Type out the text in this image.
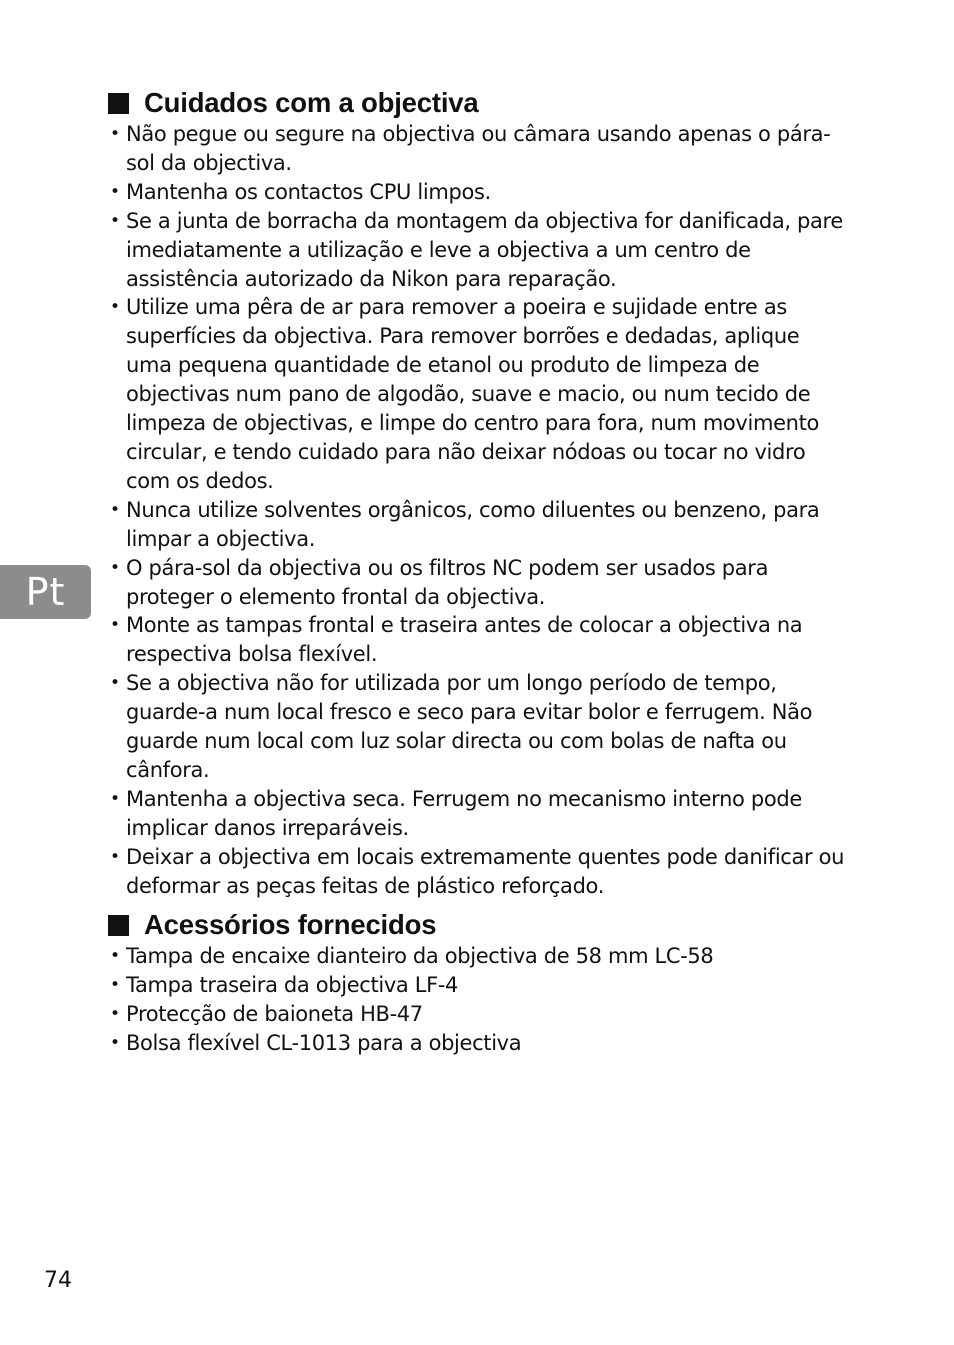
Cuidados com a objectiva
• Não pegue ou segure na objectiva ou câmara usando apenas o pára-sol da objectiva.
• Mantenha os contactos CPU limpos.
• Se a junta de borracha da montagem da objectiva for danificada, pare imediatamente a utilização e leve a objectiva a um centro de assistência autorizado da Nikon para reparação.
• Utilize uma pêra de ar para remover a poeira e sujidade entre as superfícies da objectiva. Para remover borrões e dedadas, aplique uma pequena quantidade de etanol ou produto de limpeza de objectivas num pano de algodão, suave e macio, ou num tecido de limpeza de objectivas, e limpe do centro para fora, num movimento circular, e tendo cuidado para não deixar nódoas ou tocar no vidro com os dedos.
• Nunca utilize solventes orgânicos, como diluentes ou benzeno, para limpar a objectiva.
• O pára-sol da objectiva ou os filtros NC podem ser usados para proteger o elemento frontal da objectiva.
• Monte as tampas frontal e traseira antes de colocar a objectiva na respectiva bolsa flexível.
• Se a objectiva não for utilizada por um longo período de tempo, guarde-a num local fresco e seco para evitar bolor e ferrugem. Não guarde num local com luz solar directa ou com bolas de nafta ou cânfora.
• Mantenha a objectiva seca. Ferrugem no mecanismo interno pode implicar danos irreparáveis.
• Deixar a objectiva em locais extremamente quentes pode danificar ou deformar as peças feitas de plástico reforçado.
Acessórios fornecidos
• Tampa de encaixe dianteiro da objectiva de 58 mm LC-58
• Tampa traseira da objectiva LF-4
• Protecção de baioneta HB-47
• Bolsa flexível CL-1013 para a objectiva
Pt
74
